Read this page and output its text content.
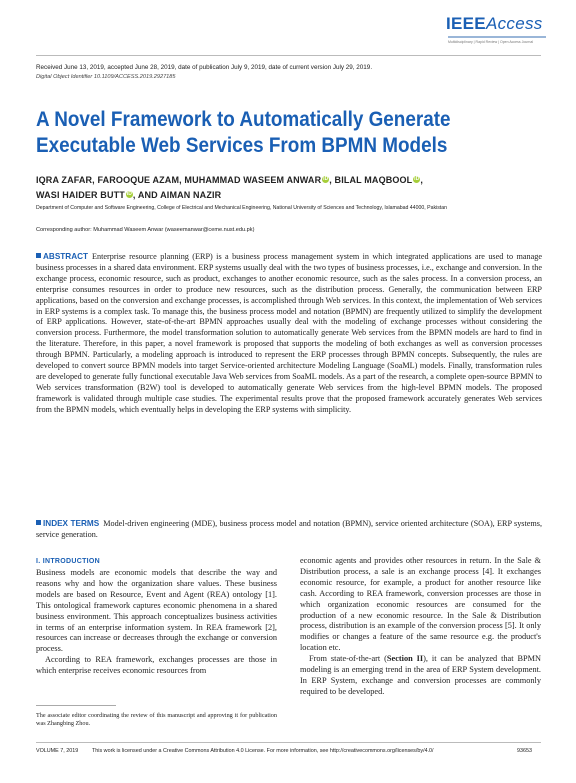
IEEEAccess
Multidisciplinary | Rapid Review | Open Access Journal
Received June 13, 2019, accepted June 28, 2019, date of publication July 9, 2019, date of current version July 29, 2019.
Digital Object Identifier 10.1109/ACCESS.2019.2927185
A Novel Framework to Automatically Generate Executable Web Services From BPMN Models
IQRA ZAFAR, FAROOQUE AZAM, MUHAMMAD WASEEM ANWAR iD, BILAL MAQBOOL iD,
WASI HAIDER BUTT iD, AND AIMAN NAZIR
Department of Computer and Software Engineering, College of Electrical and Mechanical Engineering, National University of Sciences and Technology, Islamabad 44000, Pakistan
Corresponding author: Muhammad Waseem Anwar (waseemanwar@ceme.nust.edu.pk)
ABSTRACT Enterprise resource planning (ERP) is a business process management system in which integrated applications are used to manage business processes in a shared data environment. ERP systems usually deal with the two types of business processes, i.e., exchange and conversion. In the exchange process, economic resource, such as product, exchanges to another economic resource, such as the sales process. In a conversion process, an enterprise consumes resources in order to produce new resources, such as the distribution process. Generally, the communication between ERP applications, based on the conversion and exchange processes, is accomplished through Web services. In this context, the implementation of Web services in ERP systems is a complex task. To manage this, the business process model and notation (BPMN) are frequently utilized to simplify the development of ERP applications. However, state-of-the-art BPMN approaches usually deal with the modeling of exchange processes without considering the conversion process. Furthermore, the model transformation solution to automatically generate Web services from the BPMN models are hard to find in the literature. Therefore, in this paper, a novel framework is proposed that supports the modeling of both exchanges as well as conversion processes through BPMN. Particularly, a modeling approach is introduced to represent the ERP processes through BPMN concepts. Subsequently, the rules are developed to convert source BPMN models into target Service-oriented architecture Modeling Language (SoaML) models. Finally, transformation rules are developed to generate fully functional executable Java Web services from SoaML models. As a part of the research, a complete open-source BPMN to Web services transformation (B2W) tool is developed to automatically generate Web services from the high-level BPMN models. The proposed framework is validated through multiple case studies. The experimental results prove that the proposed framework accurately generates Web services from the BPMN models, which eventually helps in developing the ERP systems with simplicity.
INDEX TERMS Model-driven engineering (MDE), business process model and notation (BPMN), service oriented architecture (SOA), ERP systems, service generation.
I. INTRODUCTION

Business models are economic models that describe the way and reasons why and how the organization share values. These business models are based on Resource, Event and Agent (REA) ontology [1]. This ontological framework captures economic phenomena in a shared business environment. This approach conceptualizes business activities in terms of an enterprise information system. In REA framework [2], resources can increase or decreases through the exchange or conversion process.

According to REA framework, exchanges processes are those in which enterprise receives economic resources from

economic agents and provides other resources in return. In the Sale & Distribution process, a sale is an exchange process [4]. It exchanges economic resource, for example, a product for another resource like cash. According to REA framework, conversion processes are those in which organization economic resources are consumed for the production of a new economic resource. In the Sale & Distribution process, distribution is an example of the conversion process [5]. It only modifies or changes a feature of the same resource e.g. the product's location etc.

From state-of-the-art (Section II), it can be analyzed that BPMN modeling is an emerging trend in the area of ERP System development. In ERP System, exchange and conversion processes are commonly required to be developed.

The associate editor coordinating the review of this manuscript and approving it for publication was Zhangbing Zhou.
VOLUME 7, 2019	This work is licensed under a Creative Commons Attribution 4.0 License. For more information, see http://creativecommons.org/licenses/by/4.0/	93653
